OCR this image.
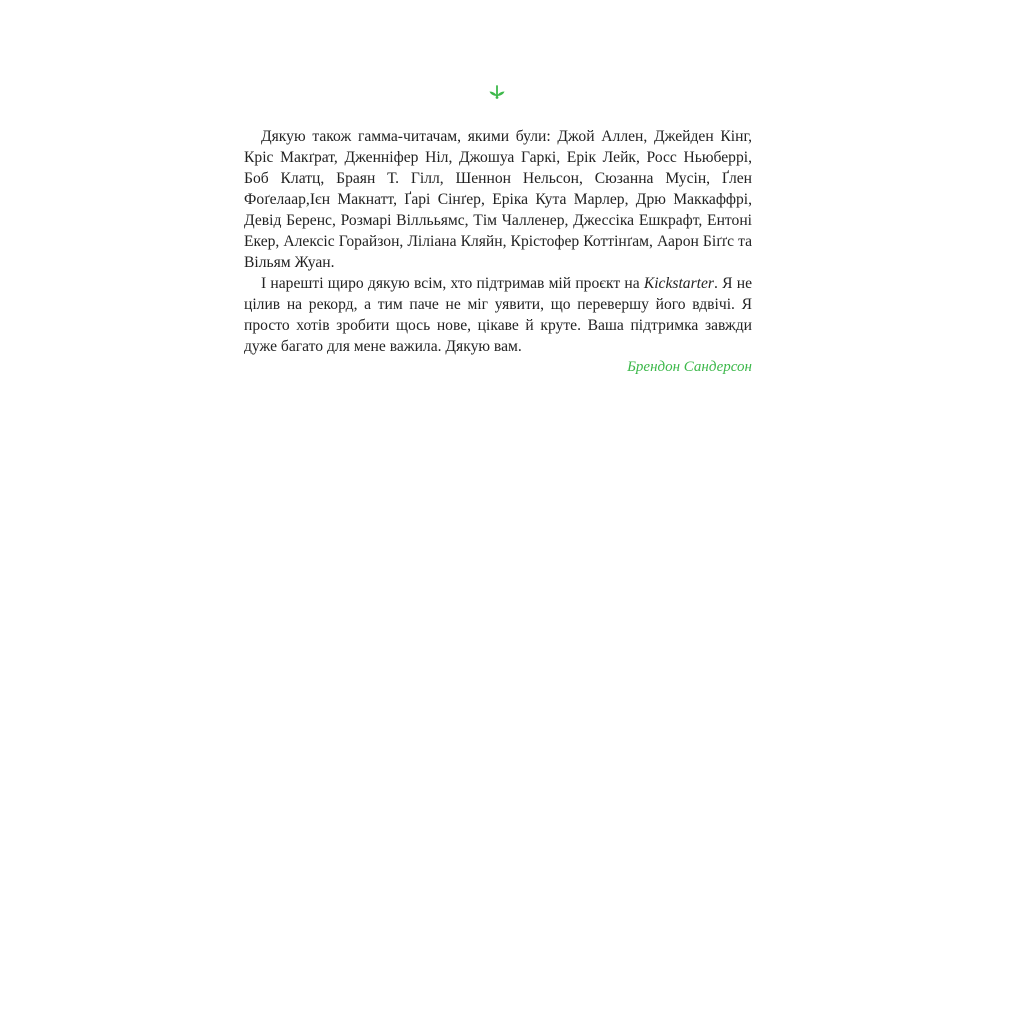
Дякую також гамма-читачам, якими були: Джой Аллен, Джейден Кінг, Кріс Макґрат, Дженніфер Ніл, Джошуа Гаркі, Ерік Лейк, Росс Ньюберрі, Боб Клатц, Браян Т. Гілл, Шеннон Нельсон, Сюзанна Мусін, Ґлен Фоґелаар,Ієн Макнатт, Ґарі Сінґер, Еріка Кута Марлер, Дрю Маккаффрі, Девід Беренс, Розмарі Віллььямс, Тім Чалленер, Джессіка Ешкрафт, Ентоні Екер, Алексіс Горайзон, Ліліана Кляйн, Крістофер Коттінґам, Аарон Біґґс та Вільям Жуан.

І нарешті щиро дякую всім, хто підтримав мій проєкт на Kickstarter. Я не цілив на рекорд, а тим паче не міг уявити, що перевершу його вдвічі. Я просто хотів зробити щось нове, цікаве й круте. Ваша підтримка завжди дуже багато для мене важила. Дякую вам.

Брендон Сандерсон
